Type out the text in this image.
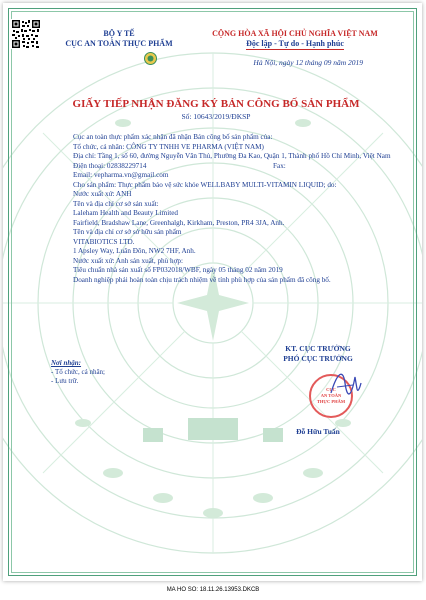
BỘ Y TẾ
CỤC AN TOÀN THỰC PHẨM
CỘNG HÒA XÃ HỘI CHỦ NGHĨA VIỆT NAM
Độc lập - Tự do - Hạnh phúc
Hà Nội, ngày 12 tháng 09 năm 2019
GIẤY TIẾP NHẬN ĐĂNG KÝ BẢN CÔNG BỐ SẢN PHẨM
Số: 10643/2019/ĐKSP

Cục an toàn thực phẩm xác nhận đã nhận Bản công bố sản phẩm của:

Tổ chức, cá nhân: CÔNG TY TNHH VE PHARMA (VIỆT NAM)

Địa chỉ: Tầng 1, số 60, đường Nguyễn Văn Thủ, Phường Đa Kao, Quận 1, Thành phố Hồ Chí Minh, Việt Nam

Điện thoại: 02838229714	Fax:

Email: vepharma.vn@gmail.com

Cho sản phẩm: Thực phẩm bảo vệ sức khỏe WELLBABY MULTI-VITAMIN LIQUID; do:

Nước xuất xứ: ANH

Tên và địa chỉ cơ sở sản xuất:

Laleham Health and Beauty Limited

Fairfield, Bradshaw Lane, Greenhalgh, Kirkham, Preston, PR4 3JA, Anh.

Tên và địa chỉ cơ sở sở hữu sản phẩm

VITABIOTICS LTD.

1 Apsley Way, Luân Đôn, NW2 7HF, Anh.

Nước xuất xứ: Anh sản xuất, phù hợp:

Tiêu chuẩn nhà sản xuất số FP032018/WBF, ngày 05 tháng 02 năm 2019

Doanh nghiệp phải hoàn toàn chịu trách nhiệm về tính phù hợp của sản phẩm đã công bố.

Nơi nhận:
- Tổ chức, cá nhân;
- Lưu trữ.
KT. CỤC TRƯỞNG
PHÓ CỤC TRƯỞNG
CỤC
AN TOÀN
THỰC PHẨM
Đỗ Hữu Tuấn
MA HO SO: 18.11.26.13953.DKCB
